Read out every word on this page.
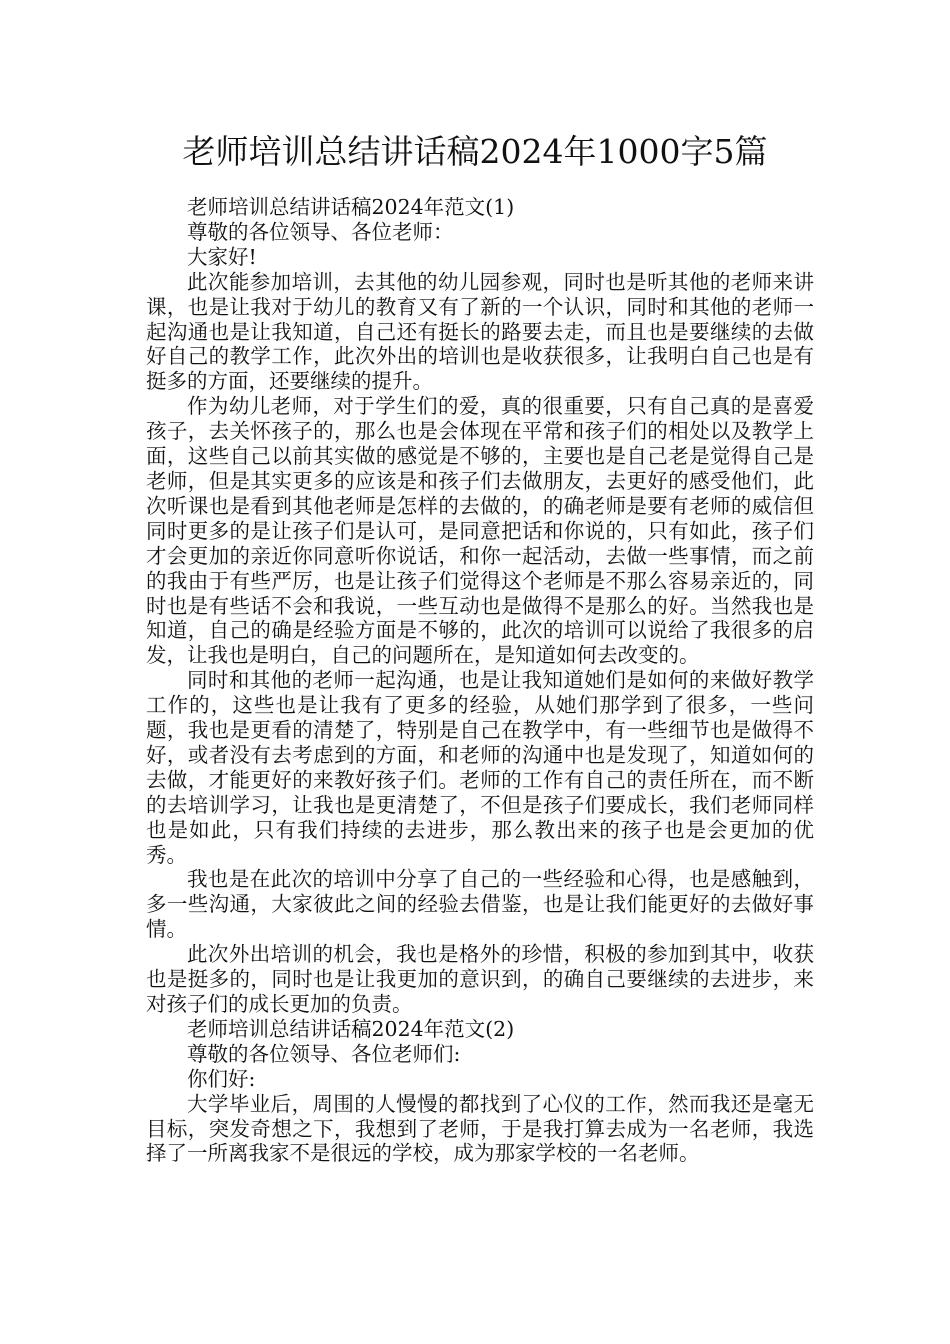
老师培训总结讲话稿2024年1000字5篇

老师培训总结讲话稿2024年范文(1)

尊敬的各位领导、各位老师：

大家好!

此次能参加培训，去其他的幼儿园参观，同时也是听其他的老师来讲课，也是让我对于幼儿的教育又有了新的一个认识，同时和其他的老师一起沟通也是让我知道，自己还有挺长的路要去走，而且也是要继续的去做好自己的教学工作，此次外出的培训也是收获很多，让我明白自己也是有挺多的方面，还要继续的提升。

作为幼儿老师，对于学生们的爱，真的很重要，只有自己真的是喜爱孩子，去关怀孩子的，那么也是会体现在平常和孩子们的相处以及教学上面，这些自己以前其实做的感觉是不够的，主要也是自己老是觉得自己是老师，但是其实更多的应该是和孩子们去做朋友，去更好的感受他们，此次听课也是看到其他老师是怎样的去做的，的确老师是要有老师的威信但同时更多的是让孩子们是认可，是同意把话和你说的，只有如此，孩子们才会更加的亲近你同意听你说话，和你一起活动，去做一些事情，而之前的我由于有些严厉，也是让孩子们觉得这个老师是不那么容易亲近的，同时也是有些话不会和我说，一些互动也是做得不是那么的好。当然我也是知道，自己的确是经验方面是不够的，此次的培训可以说给了我很多的启发，让我也是明白，自己的问题所在，是知道如何去改变的。

同时和其他的老师一起沟通，也是让我知道她们是如何的来做好教学工作的，这些也是让我有了更多的经验，从她们那学到了很多，一些问题，我也是更看的清楚了，特别是自己在教学中，有一些细节也是做得不好，或者没有去考虑到的方面，和老师的沟通中也是发现了，知道如何的去做，才能更好的来教好孩子们。老师的工作有自己的责任所在，而不断的去培训学习，让我也是更清楚了，不但是孩子们要成长，我们老师同样也是如此，只有我们持续的去进步，那么教出来的孩子也是会更加的优秀。

我也是在此次的培训中分享了自己的一些经验和心得，也是感触到，多一些沟通，大家彼此之间的经验去借鉴，也是让我们能更好的去做好事情。

此次外出培训的机会，我也是格外的珍惜，积极的参加到其中，收获也是挺多的，同时也是让我更加的意识到，的确自己要继续的去进步，来对孩子们的成长更加的负责。

老师培训总结讲话稿2024年范文(2)

尊敬的各位领导、各位老师们:

你们好:

大学毕业后，周围的人慢慢的都找到了心仪的工作，然而我还是毫无目标，突发奇想之下，我想到了老师，于是我打算去成为一名老师，我选择了一所离我家不是很远的学校，成为那家学校的一名老师。
